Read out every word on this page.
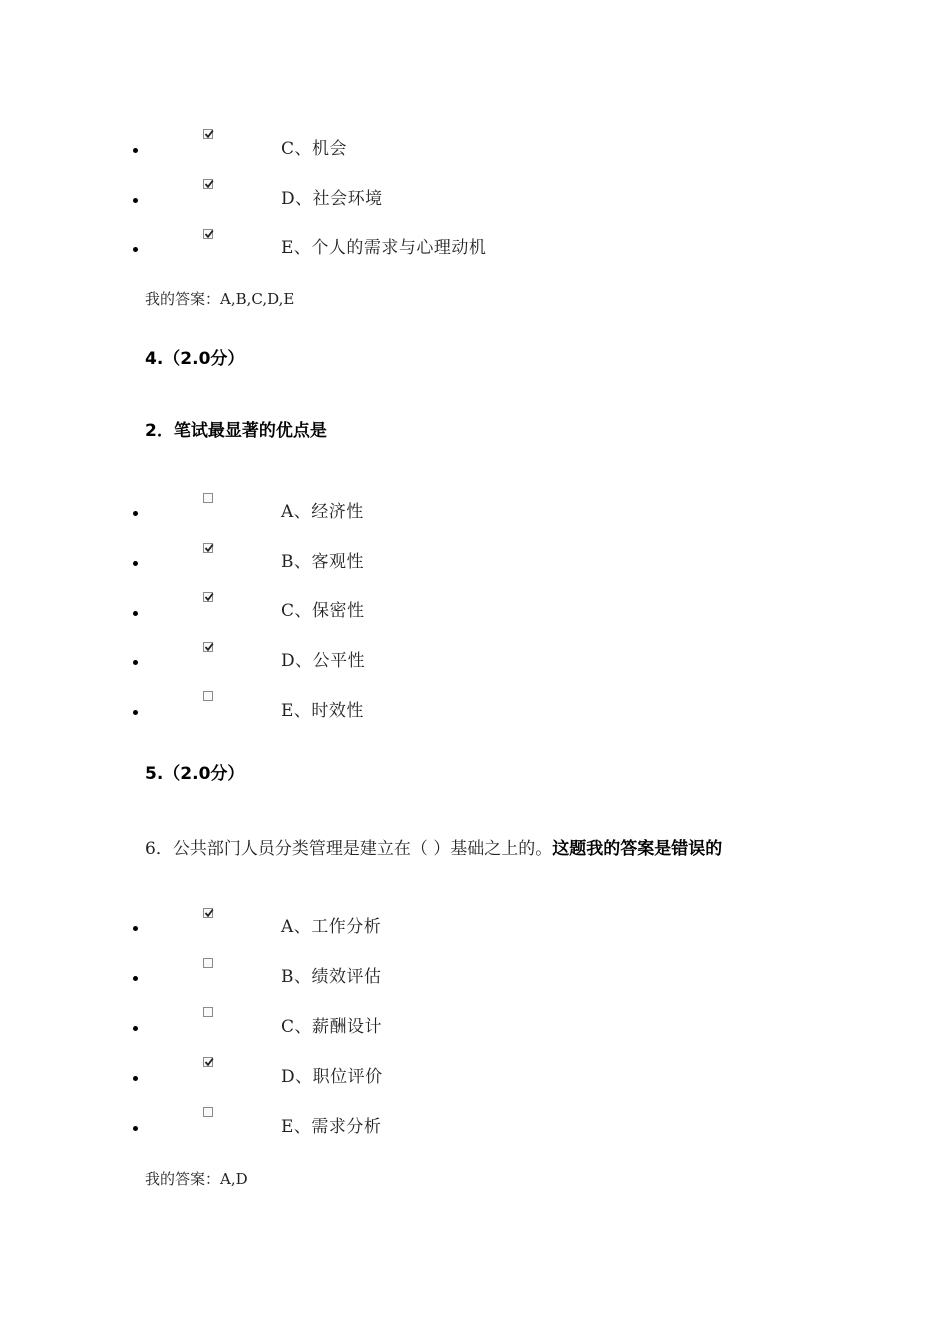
C、机会
D、社会环境
E、个人的需求与心理动机
我的答案：A,B,C,D,E
4.（2.0分）
2．笔试最显著的优点是
A、经济性
B、客观性
C、保密性
D、公平性
E、时效性
5.（2.0分）
6．公共部门人员分类管理是建立在（ ）基础之上的。这题我的答案是错误的
A、工作分析
B、绩效评估
C、薪酬设计
D、职位评价
E、需求分析
我的答案：A,D
